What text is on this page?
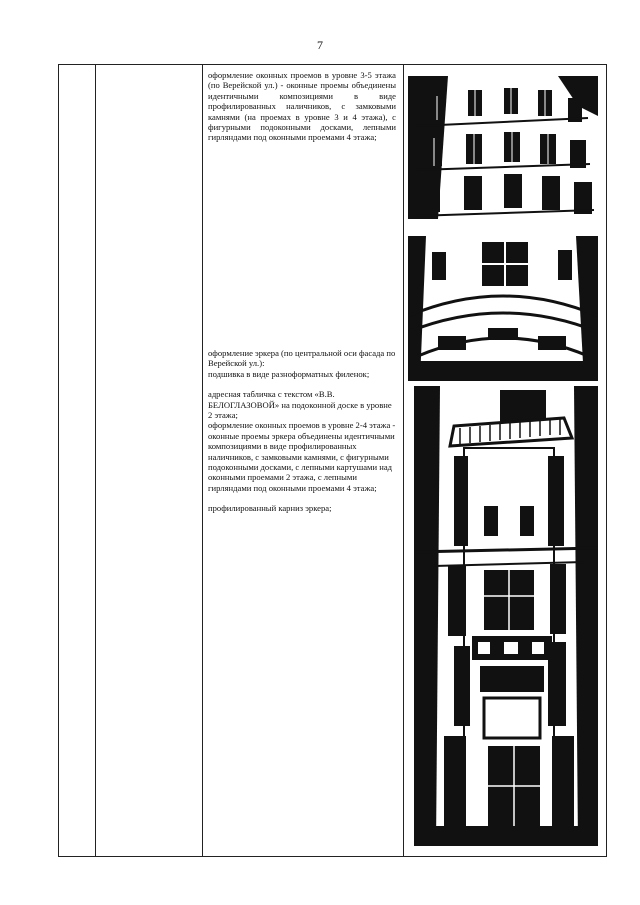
7

оформление оконных проемов в уровне 3-5 этажа (по Верейской ул.) - оконные проемы объединены идентичными композициями в виде профилированных наличников, с замковыми камнями (на проемах в уровне 3 и 4 этажа), с фигурными подоконными досками, лепными гирляндами под оконными проемами 4 этажа;

оформление эркера (по центральной оси фасада по Верейской ул.):

подшивка в виде разноформатных филенок;

адресная табличка с текстом «В.В. БЕЛОГЛАЗОВОЙ» на подоконной доске в уровне 2 этажа;

оформление оконных проемов в уровне 2-4 этажа - оконные проемы эркера объединены идентичными композициями в виде профилированных наличников, с замковыми камнями, с фигурными подоконными досками, с лепными картушами над оконными проемами 2 этажа, с лепными гирляндами под оконными проемами 4 этажа;

профилированный карниз эркера;
